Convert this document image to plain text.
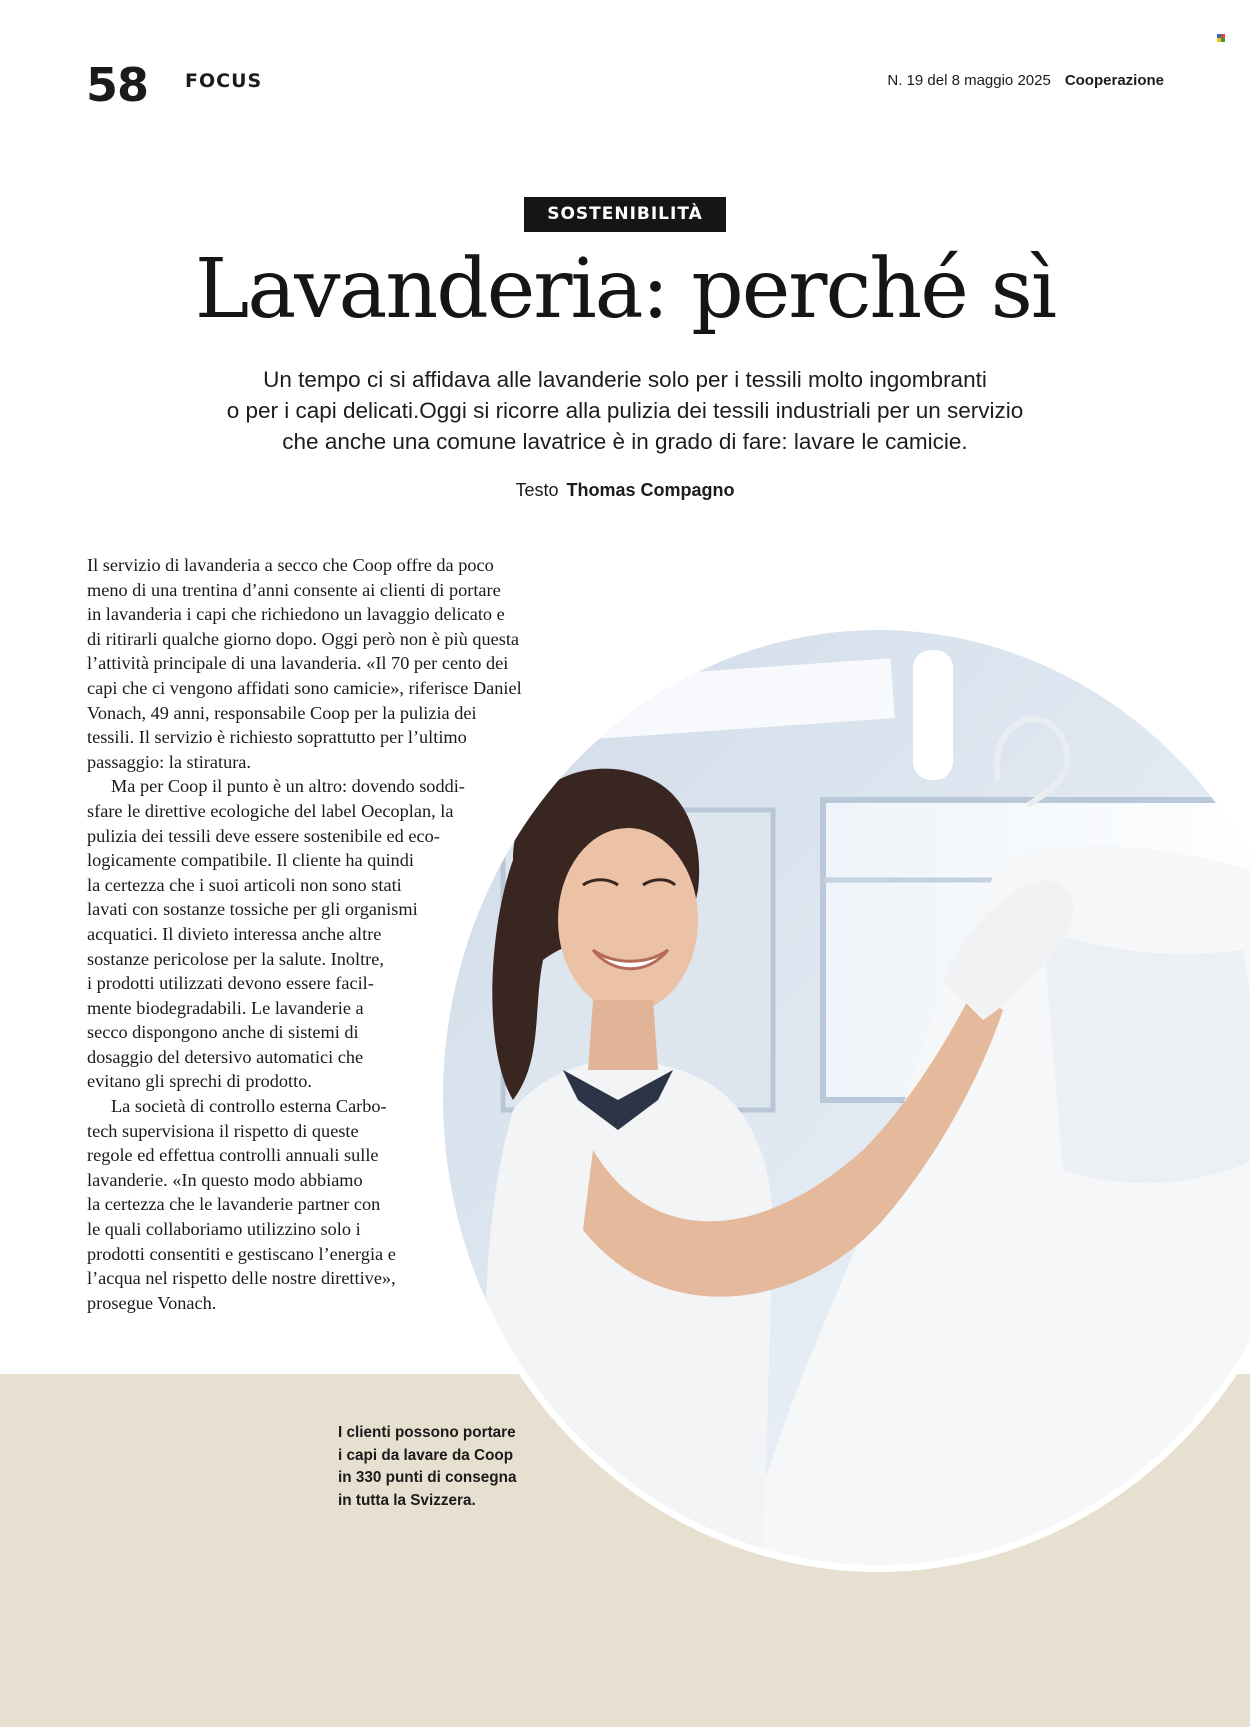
58 FOCUS	N. 19 del 8 maggio 2025 Cooperazione
SOSTENIBILITÀ
Lavanderia: perché sì
Un tempo ci si affidava alle lavanderie solo per i tessili molto ingombranti
o per i capi delicati.Oggi si ricorre alla pulizia dei tessili industriali per un servizio
che anche una comune lavatrice è in grado di fare: lavare le camicie.
Testo Thomas Compagno

Il servizio di lavanderia a secco che Coop offre da poco
meno di una trentina d’anni consente ai clienti di portare
in lavanderia i capi che richiedono un lavaggio delicato e
di ritirarli qualche giorno dopo. Oggi però non è più questa
l’attività principale di una lavanderia. «Il 70 per cento dei
capi che ci vengono affidati sono camicie», riferisce Daniel
Vonach, 49 anni, responsabile Coop per la pulizia dei
tessili. Il servizio è richiesto soprattutto per l’ultimo
passaggio: la stiratura.

Ma per Coop il punto è un altro: dovendo soddi-
sfare le direttive ecologiche del label Oecoplan, la
pulizia dei tessili deve essere sostenibile ed eco-
logicamente compatibile. Il cliente ha quindi
la certezza che i suoi articoli non sono stati
lavati con sostanze tossiche per gli organismi
acquatici. Il divieto interessa anche altre
sostanze pericolose per la salute. Inoltre,
i prodotti utilizzati devono essere facil-
mente biodegradabili. Le lavanderie a
secco dispongono anche di sistemi di
dosaggio del detersivo automatici che
evitano gli sprechi di prodotto.

La società di controllo esterna Carbo-
tech supervisiona il rispetto di queste
regole ed effettua controlli annuali sulle
lavanderie. «In questo modo abbiamo
la certezza che le lavanderie partner con
le quali collaboriamo utilizzino solo i
prodotti consentiti e gestiscano l’energia e
l’acqua nel rispetto delle nostre direttive»,
prosegue Vonach.

I clienti possono portare
i capi da lavare da Coop
in 330 punti di consegna
in tutta la Svizzera.
